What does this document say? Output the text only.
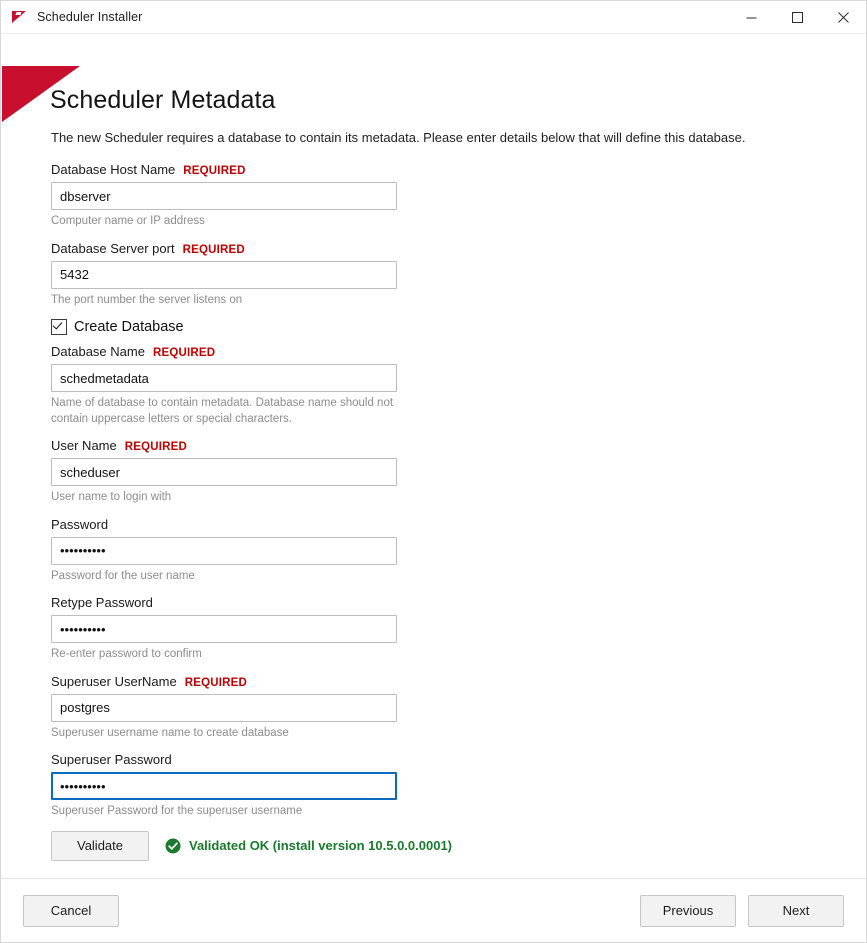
Scheduler Installer
Scheduler Metadata
The new Scheduler requires a database to contain its metadata. Please enter details below that will define this database.
Database Host Name REQUIRED
dbserver
Computer name or IP address
Database Server port REQUIRED
5432
The port number the server listens on
Create Database
Database Name REQUIRED
schedmetadata
Name of database to contain metadata. Database name should not contain uppercase letters or special characters.
User Name REQUIRED
scheduser
User name to login with
Password
••••••••••
Password for the user name
Retype Password
••••••••••
Re-enter password to confirm
Superuser UserName REQUIRED
postgres
Superuser username name to create database
Superuser Password
••••••••••
Superuser Password for the superuser username
Validate	Validated OK (install version 10.5.0.0.0001)
Cancel	Previous	Next
